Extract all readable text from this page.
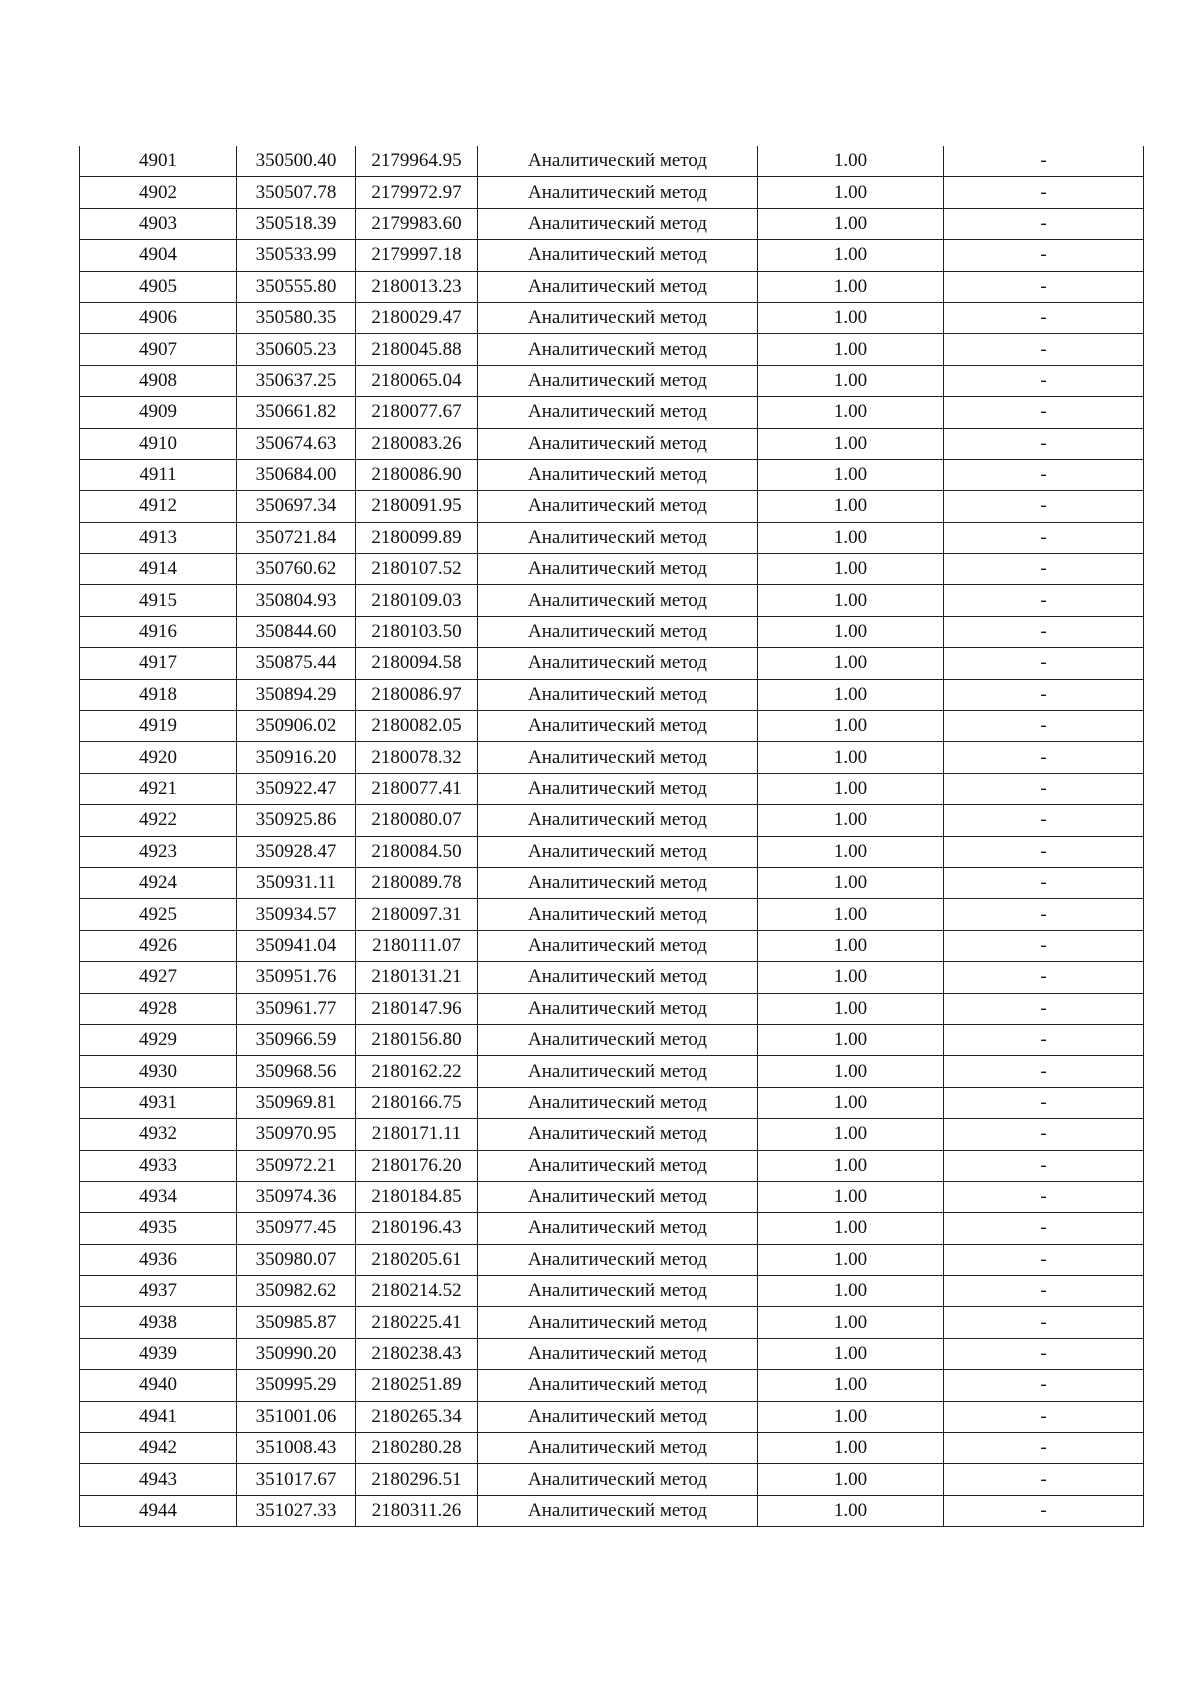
4901	350500.40	2179964.95	Аналитический метод	1.00	-
4902	350507.78	2179972.97	Аналитический метод	1.00	-
4903	350518.39	2179983.60	Аналитический метод	1.00	-
4904	350533.99	2179997.18	Аналитический метод	1.00	-
4905	350555.80	2180013.23	Аналитический метод	1.00	-
4906	350580.35	2180029.47	Аналитический метод	1.00	-
4907	350605.23	2180045.88	Аналитический метод	1.00	-
4908	350637.25	2180065.04	Аналитический метод	1.00	-
4909	350661.82	2180077.67	Аналитический метод	1.00	-
4910	350674.63	2180083.26	Аналитический метод	1.00	-
4911	350684.00	2180086.90	Аналитический метод	1.00	-
4912	350697.34	2180091.95	Аналитический метод	1.00	-
4913	350721.84	2180099.89	Аналитический метод	1.00	-
4914	350760.62	2180107.52	Аналитический метод	1.00	-
4915	350804.93	2180109.03	Аналитический метод	1.00	-
4916	350844.60	2180103.50	Аналитический метод	1.00	-
4917	350875.44	2180094.58	Аналитический метод	1.00	-
4918	350894.29	2180086.97	Аналитический метод	1.00	-
4919	350906.02	2180082.05	Аналитический метод	1.00	-
4920	350916.20	2180078.32	Аналитический метод	1.00	-
4921	350922.47	2180077.41	Аналитический метод	1.00	-
4922	350925.86	2180080.07	Аналитический метод	1.00	-
4923	350928.47	2180084.50	Аналитический метод	1.00	-
4924	350931.11	2180089.78	Аналитический метод	1.00	-
4925	350934.57	2180097.31	Аналитический метод	1.00	-
4926	350941.04	2180111.07	Аналитический метод	1.00	-
4927	350951.76	2180131.21	Аналитический метод	1.00	-
4928	350961.77	2180147.96	Аналитический метод	1.00	-
4929	350966.59	2180156.80	Аналитический метод	1.00	-
4930	350968.56	2180162.22	Аналитический метод	1.00	-
4931	350969.81	2180166.75	Аналитический метод	1.00	-
4932	350970.95	2180171.11	Аналитический метод	1.00	-
4933	350972.21	2180176.20	Аналитический метод	1.00	-
4934	350974.36	2180184.85	Аналитический метод	1.00	-
4935	350977.45	2180196.43	Аналитический метод	1.00	-
4936	350980.07	2180205.61	Аналитический метод	1.00	-
4937	350982.62	2180214.52	Аналитический метод	1.00	-
4938	350985.87	2180225.41	Аналитический метод	1.00	-
4939	350990.20	2180238.43	Аналитический метод	1.00	-
4940	350995.29	2180251.89	Аналитический метод	1.00	-
4941	351001.06	2180265.34	Аналитический метод	1.00	-
4942	351008.43	2180280.28	Аналитический метод	1.00	-
4943	351017.67	2180296.51	Аналитический метод	1.00	-
4944	351027.33	2180311.26	Аналитический метод	1.00	-
